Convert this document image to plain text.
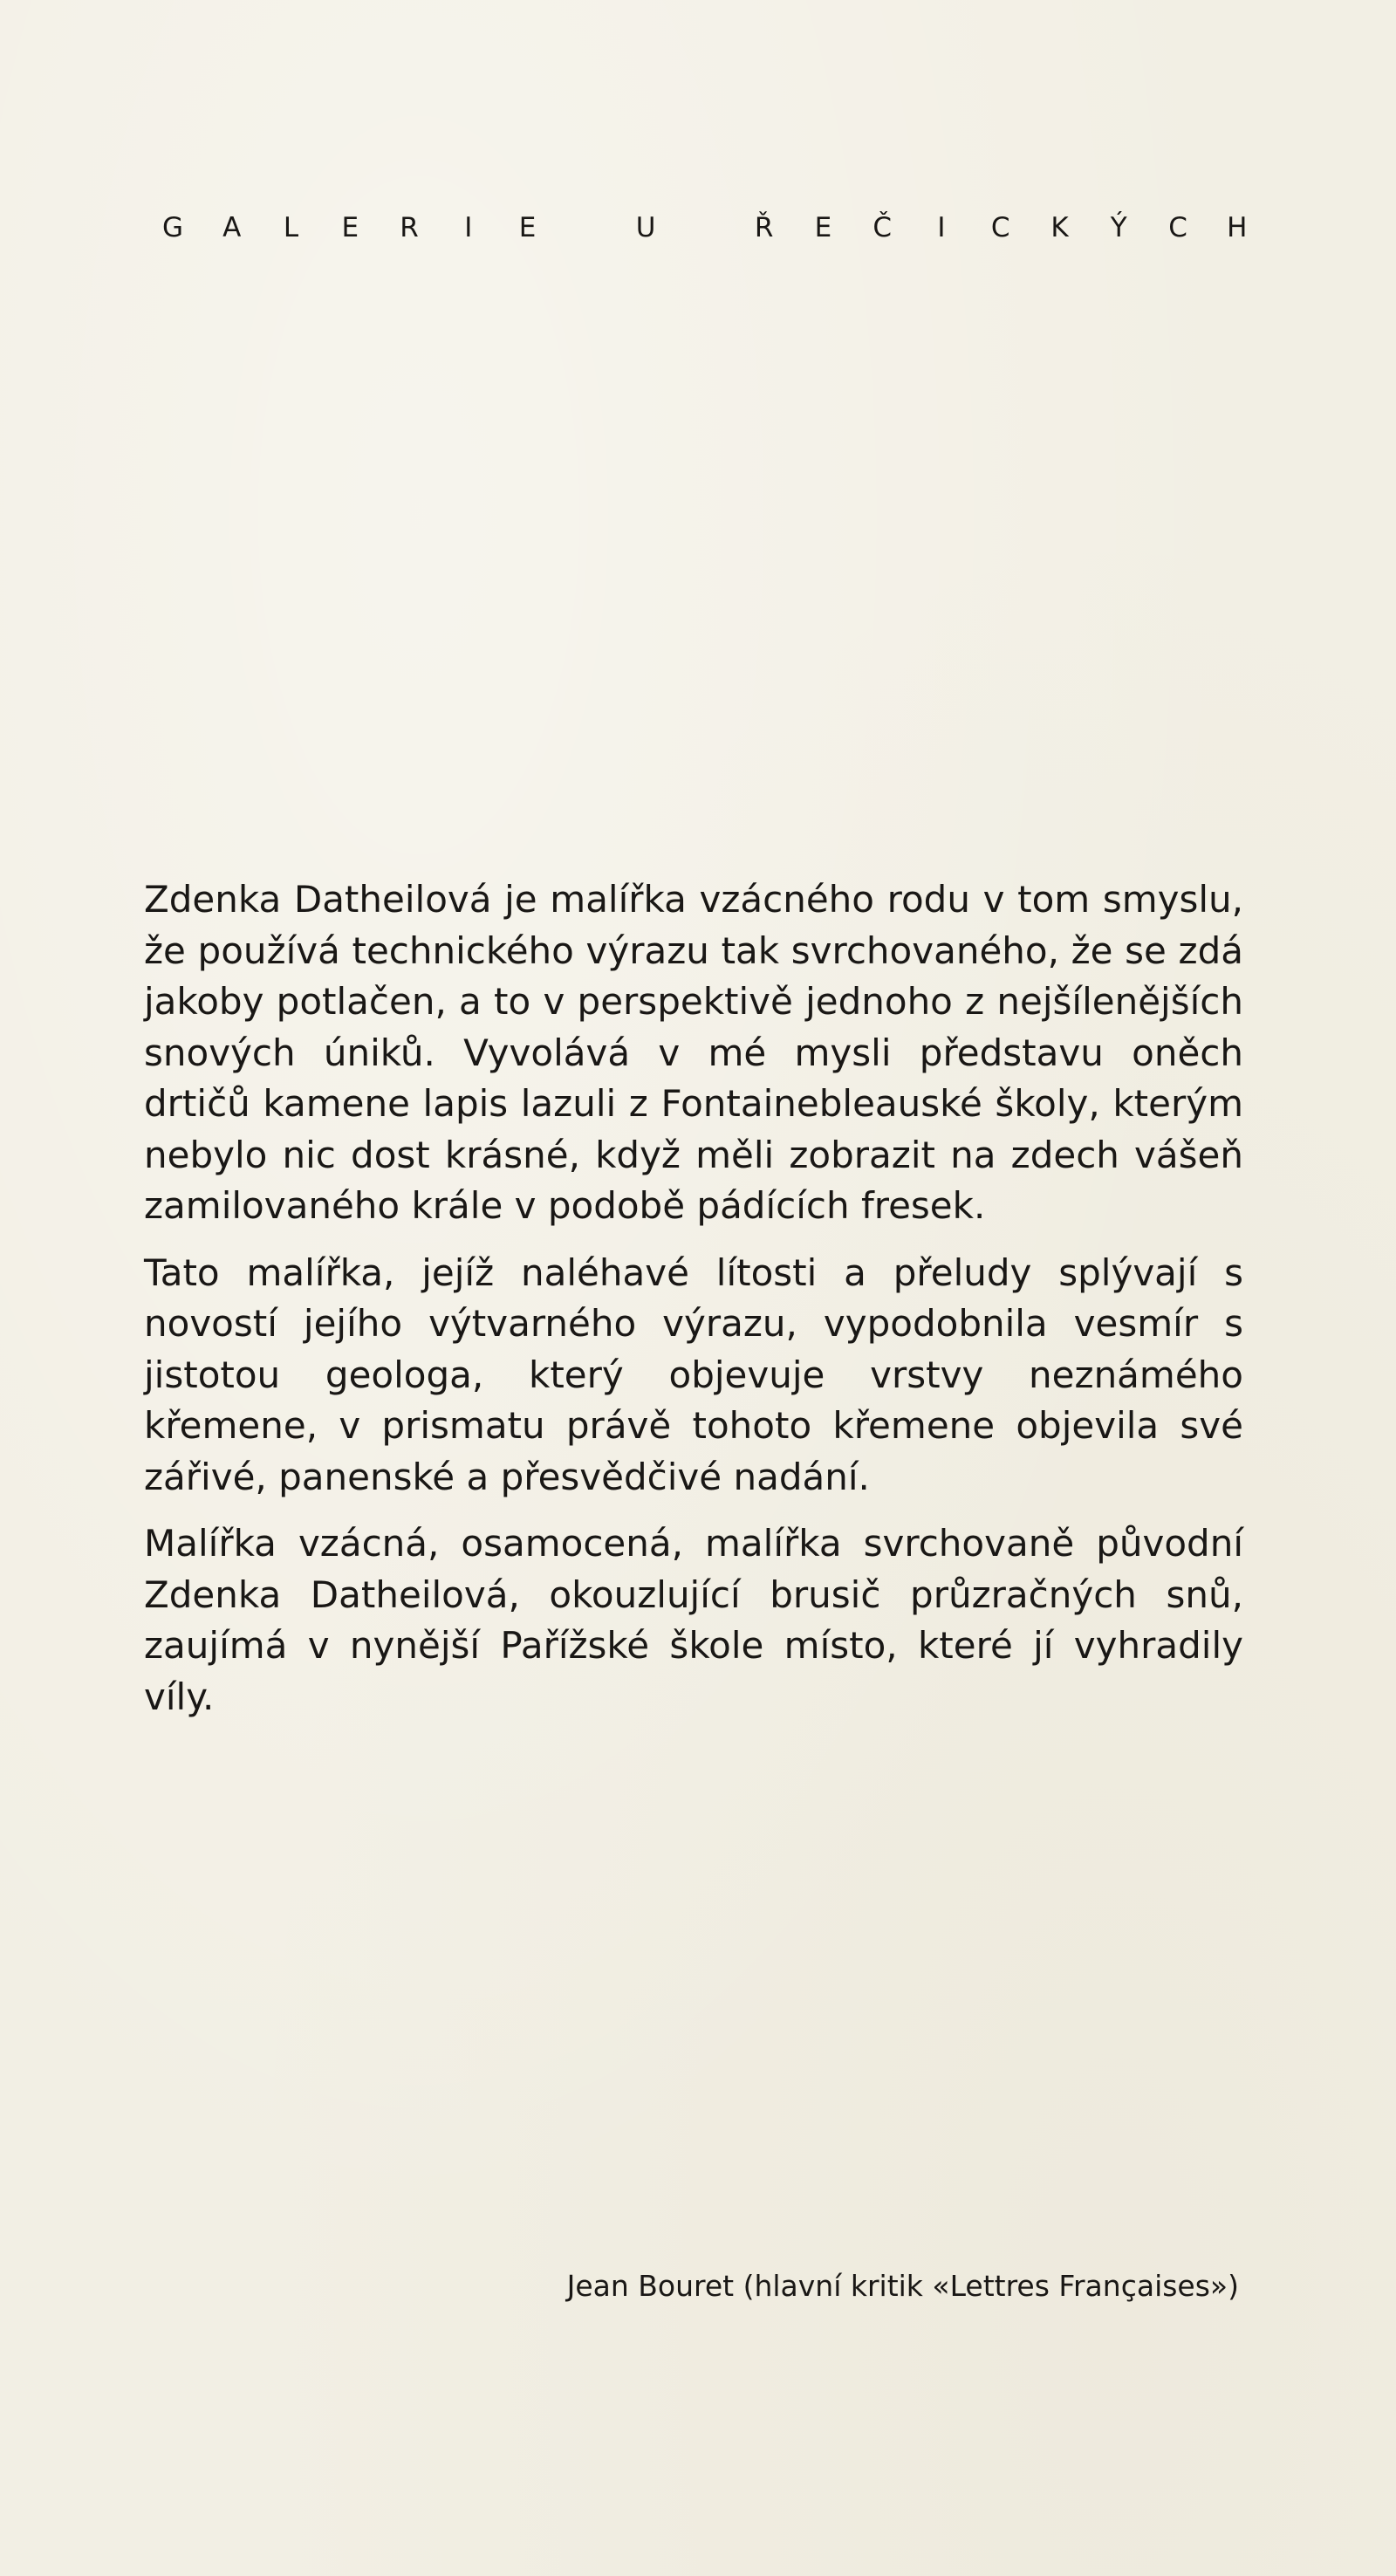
G	A	L	E	R	I	E	U	Ř	E	Č	I	C	K	Ý	C H

Zdenka Datheilová je malířka vzácného rodu v tom smyslu, že používá technického výrazu tak svrchovaného, že se zdá jakoby potlačen, a to v perspektivě jednoho z nejšílenějších snových úniků. Vyvolává v mé mysli představu oněch drtičů kamene lapis lazuli z Fontainebleauské školy, kterým nebylo nic dost krásné, když měli zobrazit na zdech vášeň zamilovaného krále v podobě pádících fresek.

Tato malířka, jejíž naléhavé lítosti a přeludy splývají s novostí jejího výtvarného výrazu, vypodobnila vesmír s jistotou geologa, který objevuje vrstvy neznámého křemene, v prismatu právě tohoto křemene objevila své zářivé, panenské a přesvědčivé nadání.

Malířka vzácná, osamocená, malířka svrchovaně původní Zdenka Datheilová, okouzlující brusič průzračných snů, zaujímá v nynější Pařížské škole místo, které jí vyhradily víly.

Jean Bouret (hlavní kritik «Lettres Françaises»)
